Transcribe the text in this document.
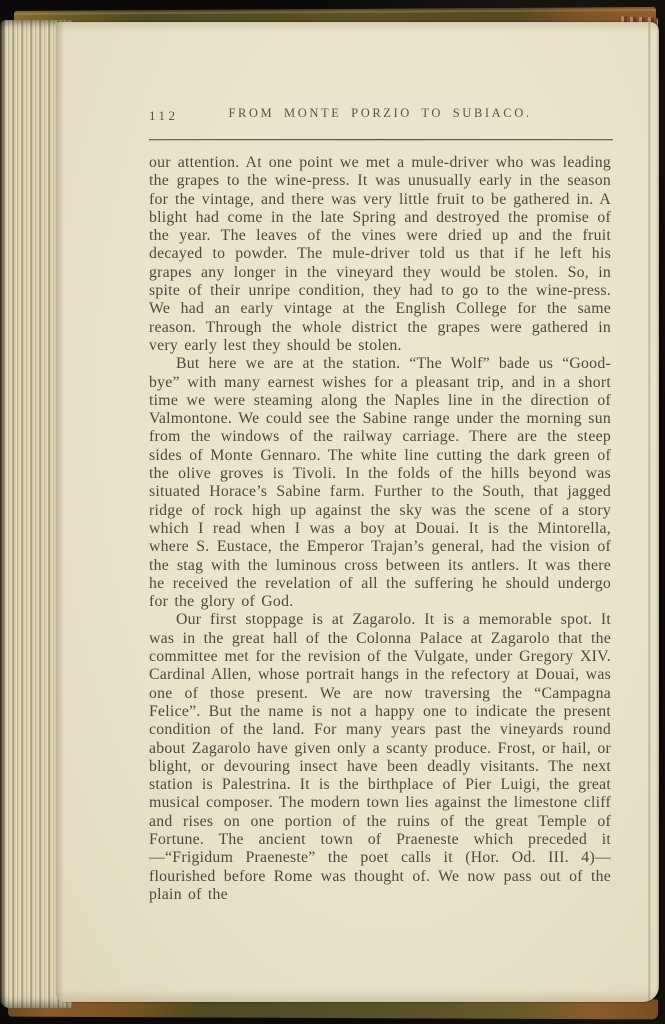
112	FROM MONTE PORZIO TO SUBIACO.

our attention. At one point we met a mule-driver who was leading the grapes to the wine-press. It was unusually early in the season for the vintage, and there was very little fruit to be gathered in. A blight had come in the late Spring and destroyed the promise of the year. The leaves of the vines were dried up and the fruit decayed to powder. The mule-driver told us that if he left his grapes any longer in the vineyard they would be stolen. So, in spite of their unripe condition, they had to go to the wine-press. We had an early vintage at the English College for the same reason. Through the whole district the grapes were gathered in very early lest they should be stolen.

But here we are at the station. “The Wolf” bade us “Good-bye” with many earnest wishes for a pleasant trip, and in a short time we were steaming along the Naples line in the direction of Valmontone. We could see the Sabine range under the morning sun from the windows of the railway carriage. There are the steep sides of Monte Gennaro. The white line cutting the dark green of the olive groves is Tivoli. In the folds of the hills beyond was situated Horace’s Sabine farm. Further to the South, that jagged ridge of rock high up against the sky was the scene of a story which I read when I was a boy at Douai. It is the Mintorella, where S. Eustace, the Emperor Trajan’s general, had the vision of the stag with the luminous cross between its antlers. It was there he received the revelation of all the suffering he should undergo for the glory of God.

Our first stoppage is at Zagarolo. It is a memorable spot. It was in the great hall of the Colonna Palace at Zagarolo that the committee met for the revision of the Vulgate, under Gregory XIV. Cardinal Allen, whose portrait hangs in the refectory at Douai, was one of those present. We are now traversing the “Campagna Felice”. But the name is not a happy one to indicate the present condition of the land. For many years past the vineyards round about Zagarolo have given only a scanty produce. Frost, or hail, or blight, or devouring insect have been deadly visitants. The next station is Palestrina. It is the birthplace of Pier Luigi, the great musical composer. The modern town lies against the limestone cliff and rises on one portion of the ruins of the great Temple of Fortune. The ancient town of Praeneste which preceded it—“Frigidum Praeneste” the poet calls it (Hor. Od. III. 4)—flourished before Rome was thought of. We now pass out of the plain of the
